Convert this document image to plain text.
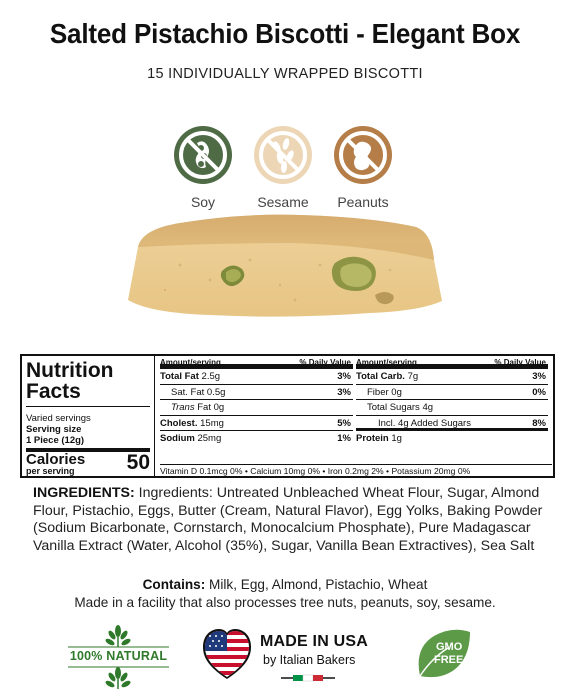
Salted Pistachio Biscotti - Elegant Box
15 INDIVIDUALLY WRAPPED BISCOTTI
Soy	Sesame	Peanuts
Nutrition
Facts
Varied servings
Serving size
1 Piece (12g)
Calories
per serving 50
Amount/serving	% Daily Value
Total Fat 2.5g	3%
Sat. Fat 0.5g	3%
Trans Fat 0g
Cholest. 15mg	5%
Sodium 25mg	1%
Amount/serving	% Daily Value
Total Carb. 7g	3%
Fiber 0g	0%
Total Sugars 4g
Incl. 4g Added Sugars	8%
Protein 1g
Vitamin D 0.1mcg 0% • Calcium 10mg 0% • Iron 0.2mg 2% • Potassium 20mg 0%
INGREDIENTS: Ingredients: Untreated Unbleached Wheat Flour, Sugar, Almond Flour, Pistachio, Eggs, Butter (Cream, Natural Flavor), Egg Yolks, Baking Powder (Sodium Bicarbonate, Cornstarch, Monocalcium Phosphate), Pure Madagascar Vanilla Extract (Water, Alcohol (35%), Sugar, Vanilla Bean Extractives), Sea Salt
Contains: Milk, Egg, Almond, Pistachio, Wheat
Made in a facility that also processes tree nuts, peanuts, soy, sesame.
100% NATURAL
MADE IN USA
by Italian Bakers
GMO
FREE
